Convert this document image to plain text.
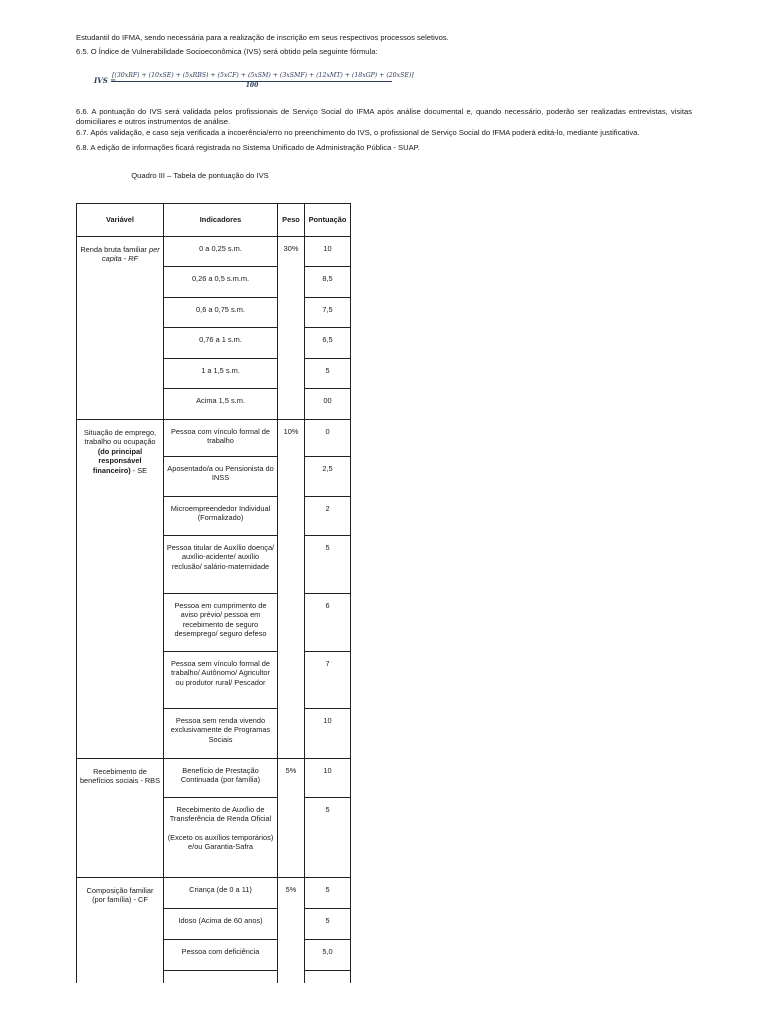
Estudantil do IFMA, sendo necessária para a realização de inscrição em seus respectivos processos seletivos.

6.5. O Índice de Vulnerabilidade Socioeconômica (IVS) será obtido pela seguinte fórmula:

IVS =
[(30xRF) + (10xSE) + (5xRBS) + (5xCF) + (5xSM) + (3xSMF) + (12xMT) + (18xGP) + (20xSE)]
100

6.6. A pontuação do IVS será validada pelos profissionais de Serviço Social do IFMA após análise documental e, quando necessário, poderão ser realizadas entrevistas, visitas domiciliares e outros instrumentos de análise.

6.7. Após validação, e caso seja verificada a incoerência/erro no preenchimento do IVS, o profissional de Serviço Social do IFMA poderá editá-lo, mediante justificativa.

6.8. A edição de informações ficará registrada no Sistema Unificado de Administração Pública - SUAP.

Quadro III – Tabela de pontuação do IVS
Variável	Indicadores	Peso	Pontuação
Renda bruta familiar per capita - RF	0 a 0,25 s.m.	30%	10
	0,26 a 0,5 s.m.m.		8,5
	0,6 a 0,75 s.m.		7,5
	0,76 a 1 s.m.		6,5
	1 a 1,5 s.m.		5
	Acima 1,5 s.m.		00
Situação de emprego, trabalho ou ocupação (do principal responsável financeiro) - SE	Pessoa com vínculo formal de trabalho	10%	0
	Aposentado/a ou Pensionista do INSS		2,5
	Microempreendedor Individual (Formalizado)		2
	Pessoa titular de Auxílio doença/ auxílio-acidente/ auxílio reclusão/ salário-maternidade		5
	Pessoa em cumprimento de aviso prévio/ pessoa em recebimento de seguro desemprego/ seguro defeso		6
	Pessoa sem vínculo formal de trabalho/ Autônomo/ Agricultor ou produtor rural/ Pescador		7
	Pessoa sem renda vivendo exclusivamente de Programas Sociais		10
Recebimento de benefícios sociais - RBS	Benefício de Prestação Continuada (por família)	5%	10
	Recebimento de Auxílio de Transferência de Renda Oficial
(Exceto os auxílios temporários) e/ou Garantia-Safra		5
Composição familiar (por família) - CF	Criança (de 0 a 11)	5%	5
	Idoso (Acima de 60 anos)		5
	Pessoa com deficiência		5,0
